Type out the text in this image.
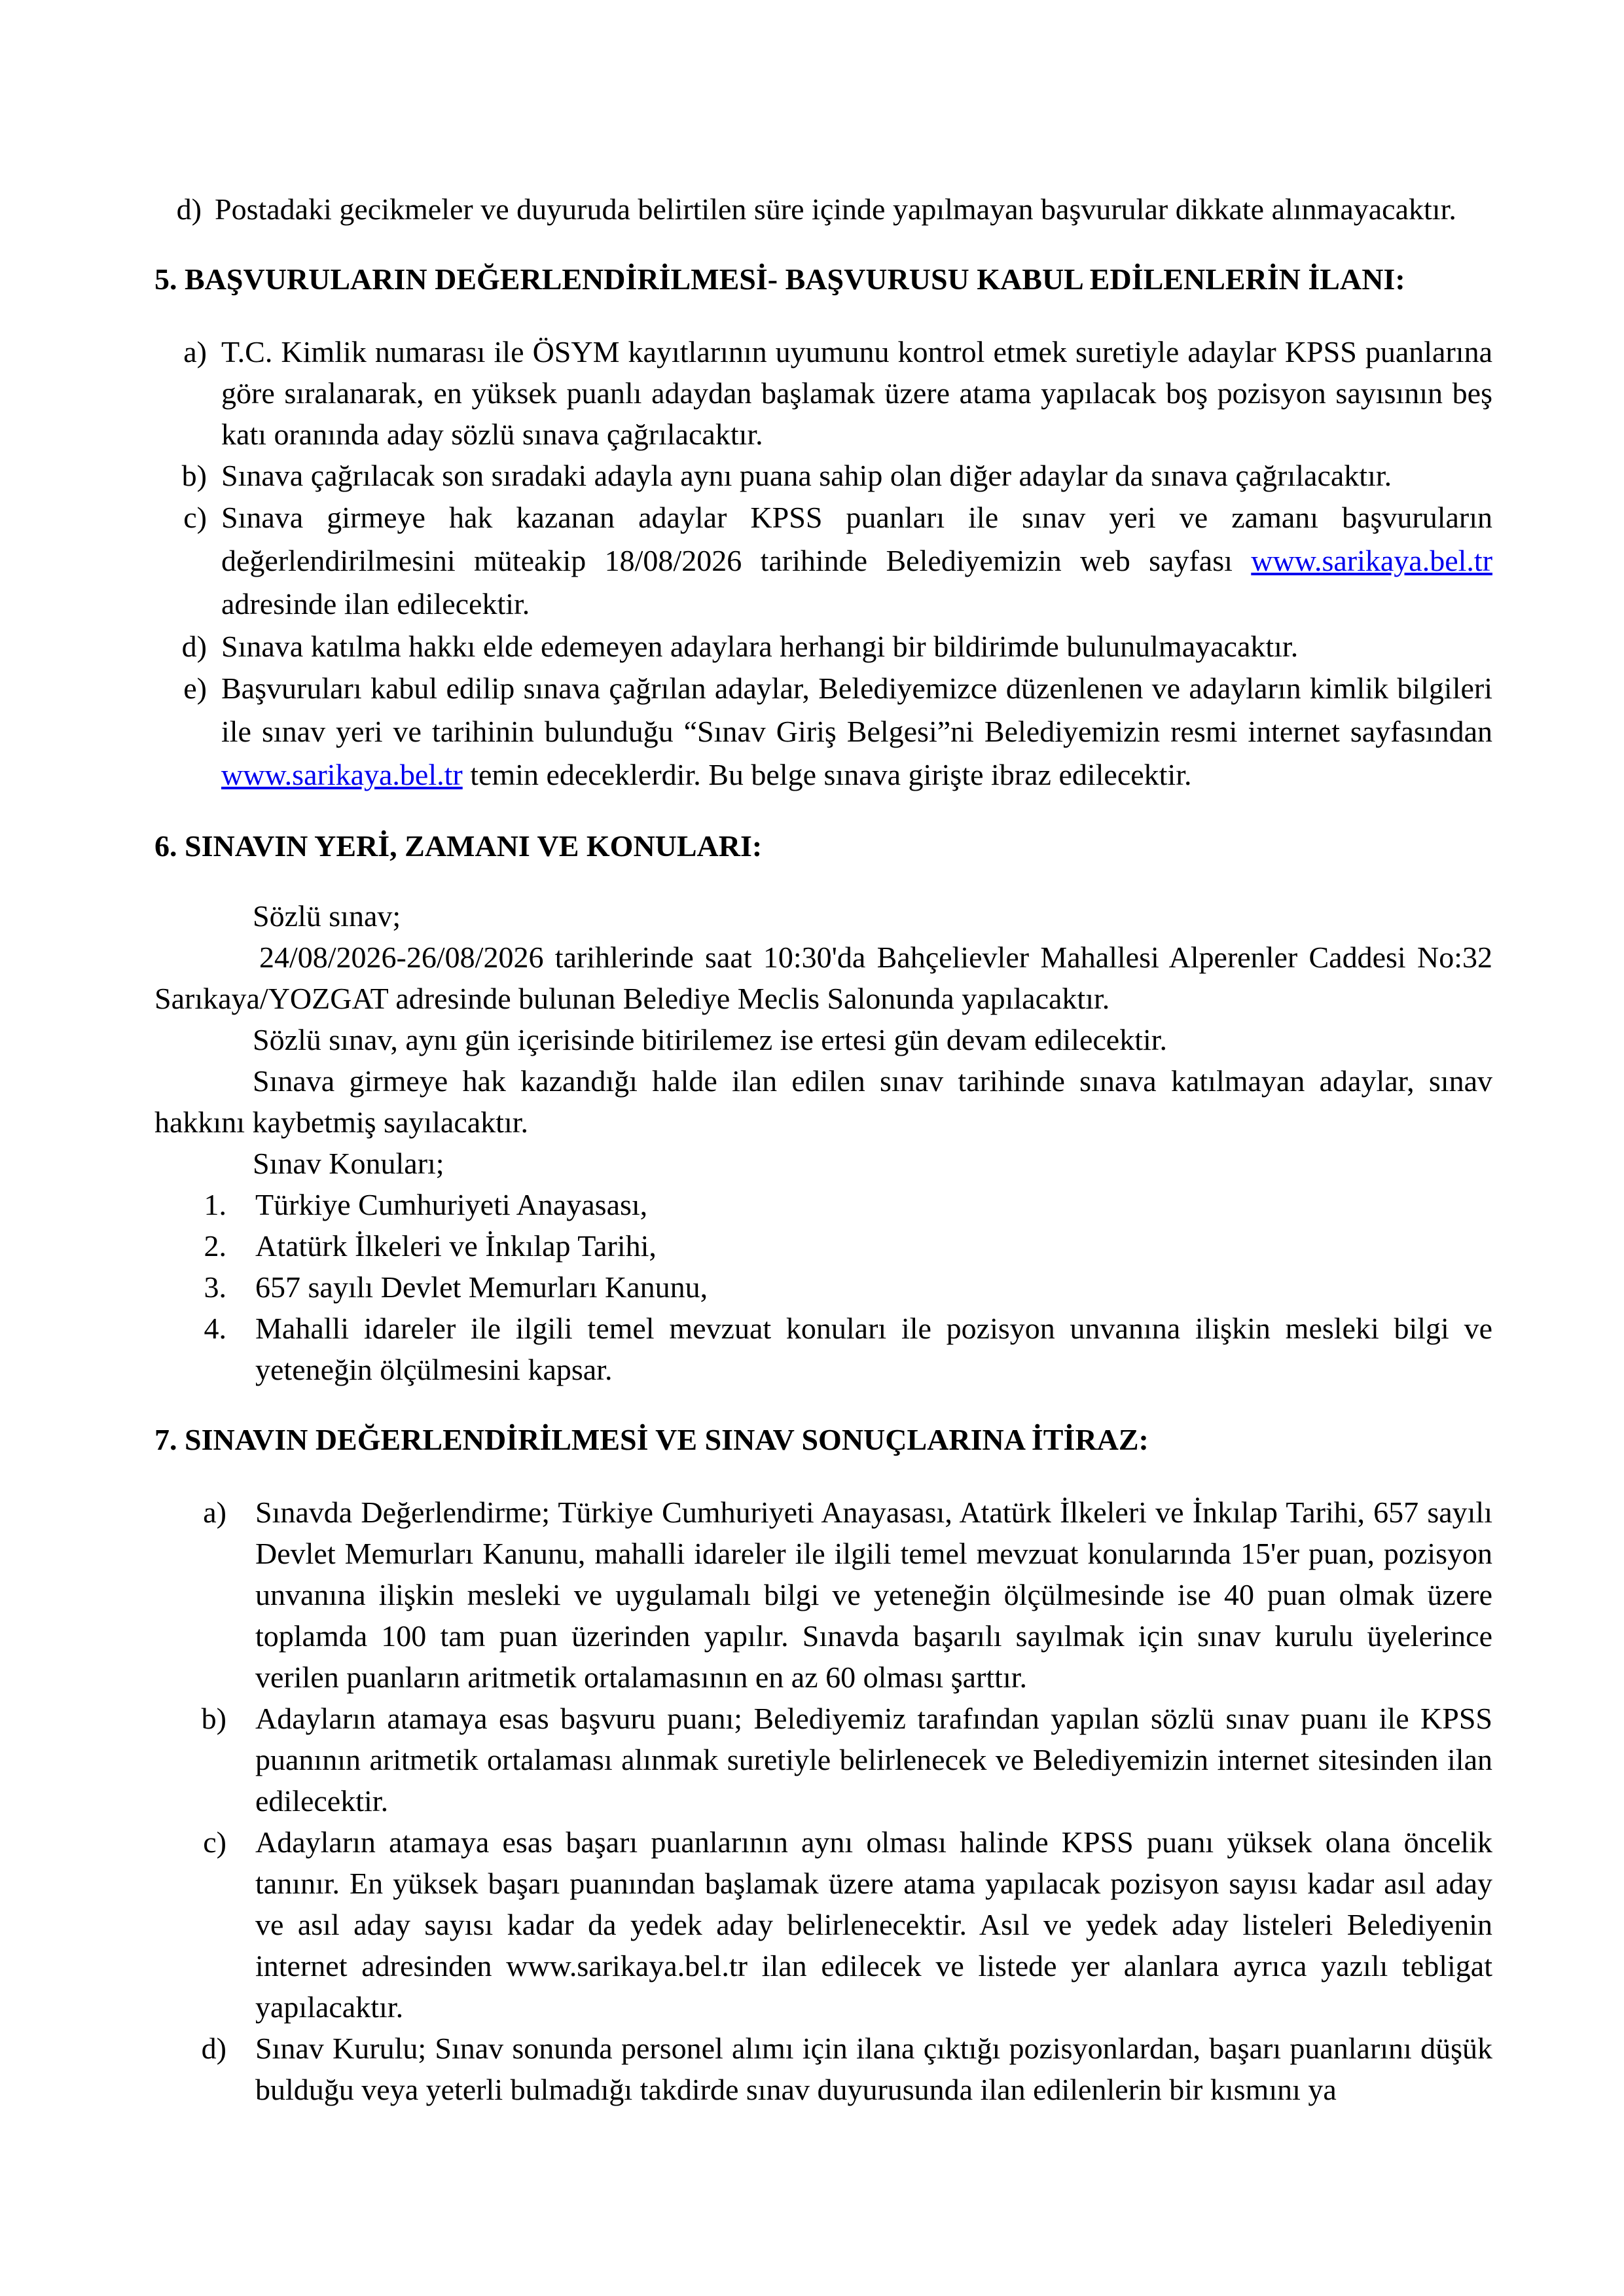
d) Postadaki gecikmeler ve duyuruda belirtilen süre içinde yapılmayan başvurular dikkate alınmayacaktır.
5. BAŞVURULARIN DEĞERLENDİRİLMESİ- BAŞVURUSU KABUL EDİLENLERİN İLANI:
a) T.C. Kimlik numarası ile ÖSYM kayıtlarının uyumunu kontrol etmek suretiyle adaylar KPSS puanlarına göre sıralanarak, en yüksek puanlı adaydan başlamak üzere atama yapılacak boş pozisyon sayısının beş katı oranında aday sözlü sınava çağrılacaktır.
b) Sınava çağrılacak son sıradaki adayla aynı puana sahip olan diğer adaylar da sınava çağrılacaktır.
c) Sınava girmeye hak kazanan adaylar KPSS puanları ile sınav yeri ve zamanı başvuruların değerlendirilmesini müteakip 18/08/2026 tarihinde Belediyemizin web sayfası www.sarikaya.bel.tr adresinde ilan edilecektir.
d) Sınava katılma hakkı elde edemeyen adaylara herhangi bir bildirimde bulunulmayacaktır.
e) Başvuruları kabul edilip sınava çağrılan adaylar, Belediyemizce düzenlenen ve adayların kimlik bilgileri ile sınav yeri ve tarihinin bulunduğu “Sınav Giriş Belgesi”ni Belediyemizin resmi internet sayfasından www.sarikaya.bel.tr temin edeceklerdir. Bu belge sınava girişte ibraz edilecektir.
6. SINAVIN YERİ, ZAMANI VE KONULARI:
Sözlü sınav;
24/08/2026-26/08/2026 tarihlerinde saat 10:30'da Bahçelievler Mahallesi Alperenler Caddesi No:32 Sarıkaya/YOZGAT adresinde bulunan Belediye Meclis Salonunda yapılacaktır.
Sözlü sınav, aynı gün içerisinde bitirilemez ise ertesi gün devam edilecektir.
Sınava girmeye hak kazandığı halde ilan edilen sınav tarihinde sınava katılmayan adaylar, sınav hakkını kaybetmiş sayılacaktır.
Sınav Konuları;
1. Türkiye Cumhuriyeti Anayasası,
2. Atatürk İlkeleri ve İnkılap Tarihi,
3. 657 sayılı Devlet Memurları Kanunu,
4. Mahalli idareler ile ilgili temel mevzuat konuları ile pozisyon unvanına ilişkin mesleki bilgi ve yeteneğin ölçülmesini kapsar.
7. SINAVIN DEĞERLENDİRİLMESİ VE SINAV SONUÇLARINA İTİRAZ:
a) Sınavda Değerlendirme; Türkiye Cumhuriyeti Anayasası, Atatürk İlkeleri ve İnkılap Tarihi, 657 sayılı Devlet Memurları Kanunu, mahalli idareler ile ilgili temel mevzuat konularında 15'er puan, pozisyon unvanına ilişkin mesleki ve uygulamalı bilgi ve yeteneğin ölçülmesinde ise 40 puan olmak üzere toplamda 100 tam puan üzerinden yapılır. Sınavda başarılı sayılmak için sınav kurulu üyelerince verilen puanların aritmetik ortalamasının en az 60 olması şarttır.
b) Adayların atamaya esas başvuru puanı; Belediyemiz tarafından yapılan sözlü sınav puanı ile KPSS puanının aritmetik ortalaması alınmak suretiyle belirlenecek ve Belediyemizin internet sitesinden ilan edilecektir.
c) Adayların atamaya esas başarı puanlarının aynı olması halinde KPSS puanı yüksek olana öncelik tanınır. En yüksek başarı puanından başlamak üzere atama yapılacak pozisyon sayısı kadar asıl aday ve asıl aday sayısı kadar da yedek aday belirlenecektir. Asıl ve yedek aday listeleri Belediyenin internet adresinden www.sarikaya.bel.tr ilan edilecek ve listede yer alanlara ayrıca yazılı tebligat yapılacaktır.
d) Sınav Kurulu; Sınav sonunda personel alımı için ilana çıktığı pozisyonlardan, başarı puanlarını düşük bulduğu veya yeterli bulmadığı takdirde sınav duyurusunda ilan edilenlerin bir kısmını ya
